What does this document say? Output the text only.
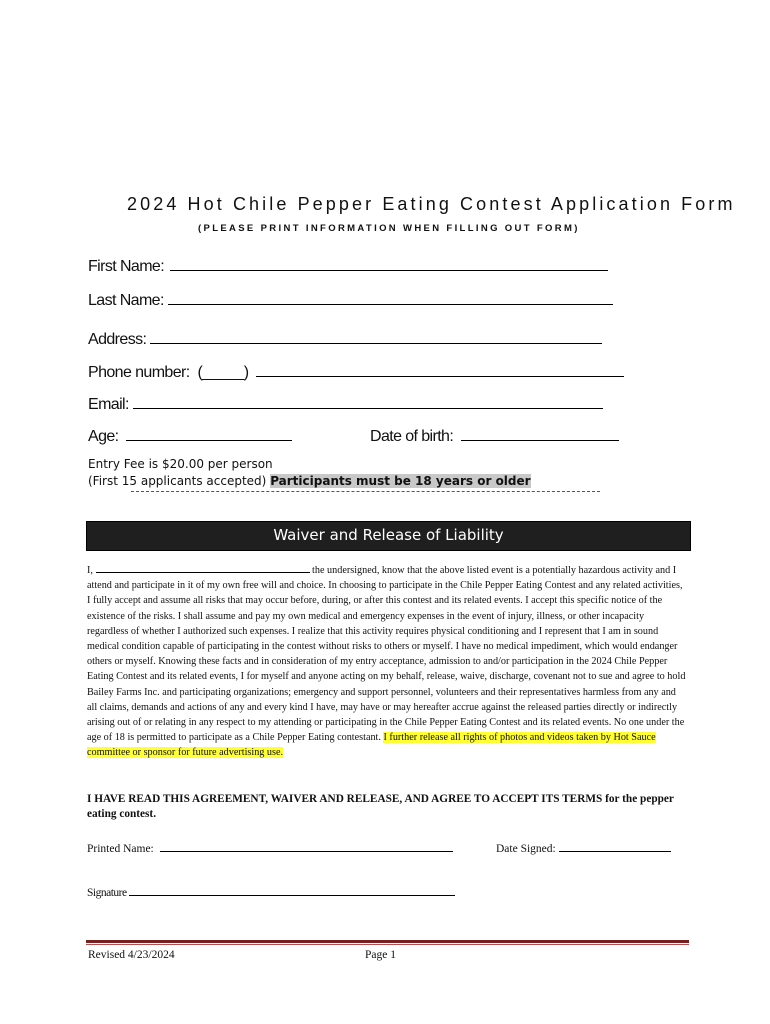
2024 Hot Chile Pepper Eating Contest Application Form
(PLEASE PRINT INFORMATION WHEN FILLING OUT FORM)
First Name:
Last Name:
Address:
Phone number: (_____)
Email:
Age:	Date of birth:
Entry Fee is $20.00 per person
(First 15 applicants accepted) Participants must be 18 years or older
Waiver and Release of Liability
I,	the undersigned, know that the above listed event is a potentially hazardous activity and I attend and participate in it of my own free will and choice. In choosing to participate in the Chile Pepper Eating Contest and any related activities, I fully accept and assume all risks that may occur before, during, or after this contest and its related events. I accept this specific notice of the existence of the risks. I shall assume and pay my own medical and emergency expenses in the event of injury, illness, or other incapacity regardless of whether I authorized such expenses. I realize that this activity requires physical conditioning and I represent that I am in sound medical condition capable of participating in the contest without risks to others or myself. I have no medical impediment, which would endanger others or myself. Knowing these facts and in consideration of my entry acceptance, admission to and/or participation in the 2024 Chile Pepper Eating Contest and its related events, I for myself and anyone acting on my behalf, release, waive, discharge, covenant not to sue and agree to hold Bailey Farms Inc. and participating organizations; emergency and support personnel, volunteers and their representatives harmless from any and all claims, demands and actions of any and every kind I have, may have or may hereafter accrue against the released parties directly or indirectly arising out of or relating in any respect to my attending or participating in the Chile Pepper Eating Contest and its related events. No one under the age of 18 is permitted to participate as a Chile Pepper Eating contestant. I further release all rights of photos and videos taken by Hot Sauce committee or sponsor for future advertising use.
I HAVE READ THIS AGREEMENT, WAIVER AND RELEASE, AND AGREE TO ACCEPT ITS TERMS for the pepper eating contest.
Printed Name:	Date Signed:
Signature
Revised 4/23/2024	Page 1
